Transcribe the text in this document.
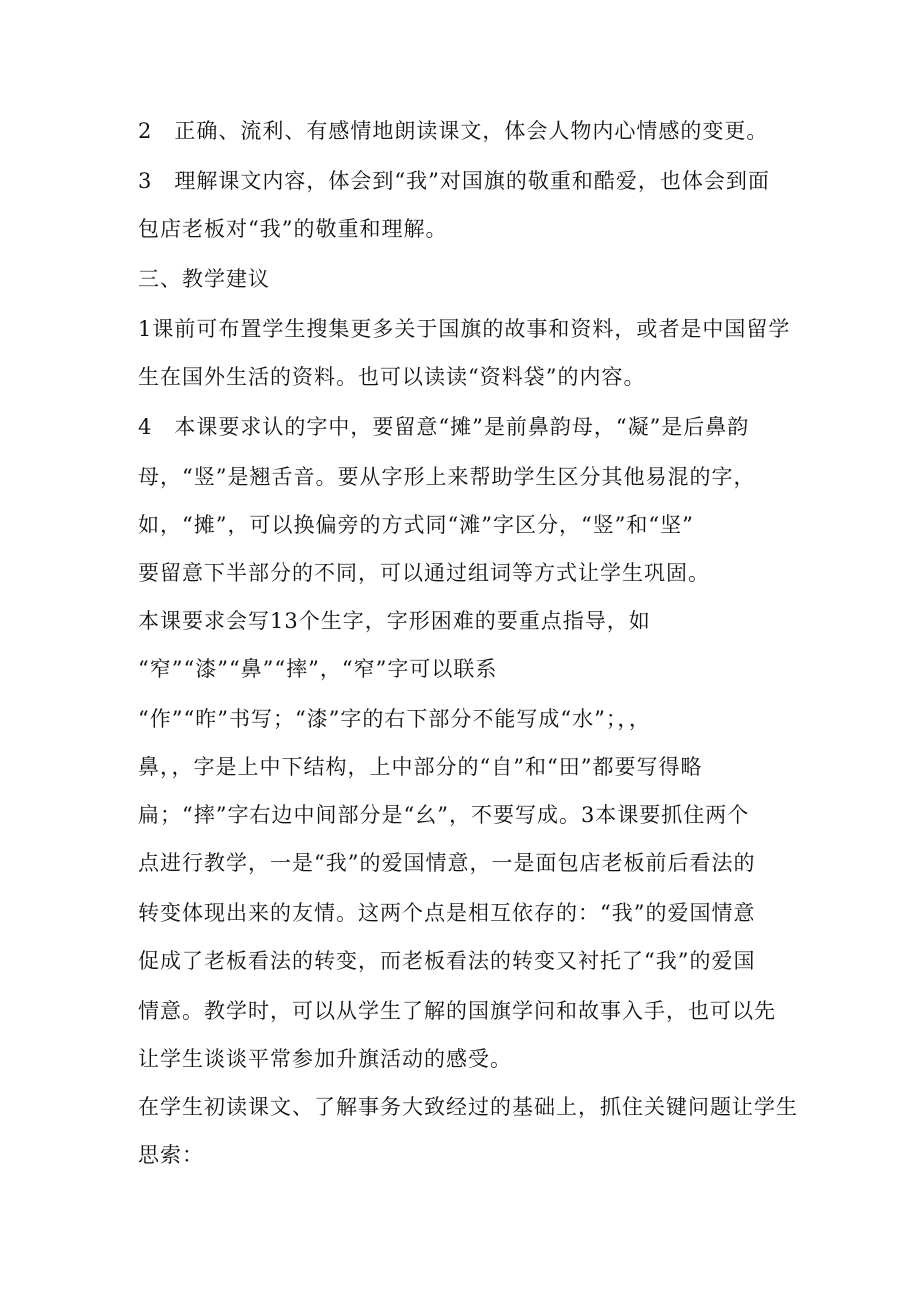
2　正确、流利、有感情地朗读课文，体会人物内心情感的变更。
3　理解课文内容，体会到“我”对国旗的敬重和酷爱，也体会到面
包店老板对“我”的敬重和理解。
三、教学建议
1课前可布置学生搜集更多关于国旗的故事和资料，或者是中国留学
生在国外生活的资料。也可以读读“资料袋”的内容。
4　本课要求认的字中，要留意“摊”是前鼻韵母，“凝”是后鼻韵
母，“竖”是翘舌音。要从字形上来帮助学生区分其他易混的字，
如，“摊”，可以换偏旁的方式同“滩”字区分，“竖”和“坚”
要留意下半部分的不同，可以通过组词等方式让学生巩固。
本课要求会写13个生字，字形困难的要重点指导，如
“窄”“漆”“鼻”“摔”，“窄”字可以联系
“作”“昨”书写；“漆”字的右下部分不能写成“水”；，，
鼻，，字是上中下结构，上中部分的“自”和“田”都要写得略
扁；“摔”字右边中间部分是“幺”，不要写成。3本课要抓住两个
点进行教学，一是“我”的爱国情意，一是面包店老板前后看法的
转变体现出来的友情。这两个点是相互依存的：“我”的爱国情意
促成了老板看法的转变，而老板看法的转变又衬托了“我”的爱国
情意。教学时，可以从学生了解的国旗学问和故事入手，也可以先
让学生谈谈平常参加升旗活动的感受。
在学生初读课文、了解事务大致经过的基础上，抓住关键问题让学生
思索：
